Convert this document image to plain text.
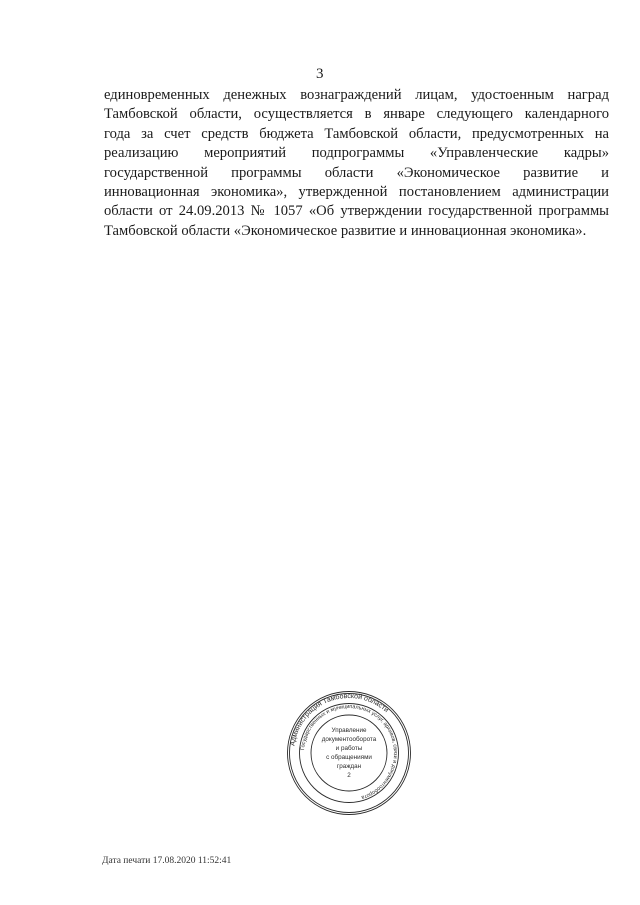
3
единовременных денежных вознаграждений лицам, удостоенным наград
Тамбовской области, осуществляется в январе следующего календарного
года за счет средств бюджета Тамбовской области, предусмотренных на
реализацию мероприятий подпрограммы «Управленческие кадры»
государственной программы области «Экономическое развитие и
инновационная экономика», утвержденной постановлением администрации
области от 24.09.2013 № 1057 «Об утверждении государственной программы
Тамбовской области «Экономическое развитие и инновационная экономика».
Администрация Тамбовской области
Государственных и муниципальных услуг, архивов, связи и документооборота
Управление
документооборота
и работы
с обращениями
граждан
2
Дата печати 17.08.2020 11:52:41
